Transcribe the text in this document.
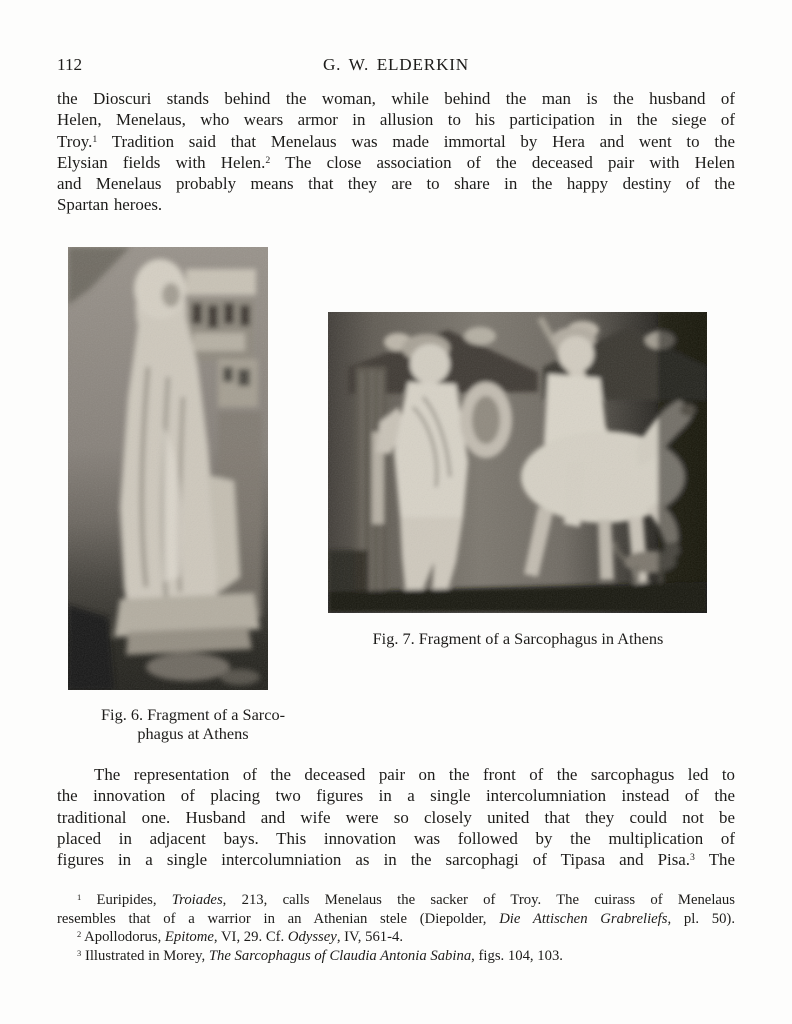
112	G. W. ELDERKIN
the Dioscuri stands behind the woman, while behind the man is the husband of
Helen, Menelaus, who wears armor in allusion to his participation in the siege of
Troy.$^1$ Tradition said that Menelaus was made immortal by Hera and went to the
Elysian fields with Helen.$^2$ The close association of the deceased pair with Helen
and Menelaus probably means that they are to share in the happy destiny of the
Spartan heroes.
Fig. 7. Fragment of a Sarcophagus in Athens
Fig. 6. Fragment of a Sarco-
phagus at Athens
The representation of the deceased pair on the front of the sarcophagus led to
the innovation of placing two figures in a single intercolumniation instead of the
traditional one. Husband and wife were so closely united that they could not be
placed in adjacent bays. This innovation was followed by the multiplication of
figures in a single intercolumniation as in the sarcophagi of Tipasa and Pisa.$^3$ The
$^1$ Euripides, Troiades, 213, calls Menelaus the sacker of Troy. The cuirass of Menelaus
resembles that of a warrior in an Athenian stele (Diepolder, Die Attischen Grabreliefs, pl. 50).
$^2$ Apollodorus, Epitome, VI, 29. Cf. Odyssey, IV, 561-4.
$^3$ Illustrated in Morey, The Sarcophagus of Claudia Antonia Sabina, figs. 104, 103.
